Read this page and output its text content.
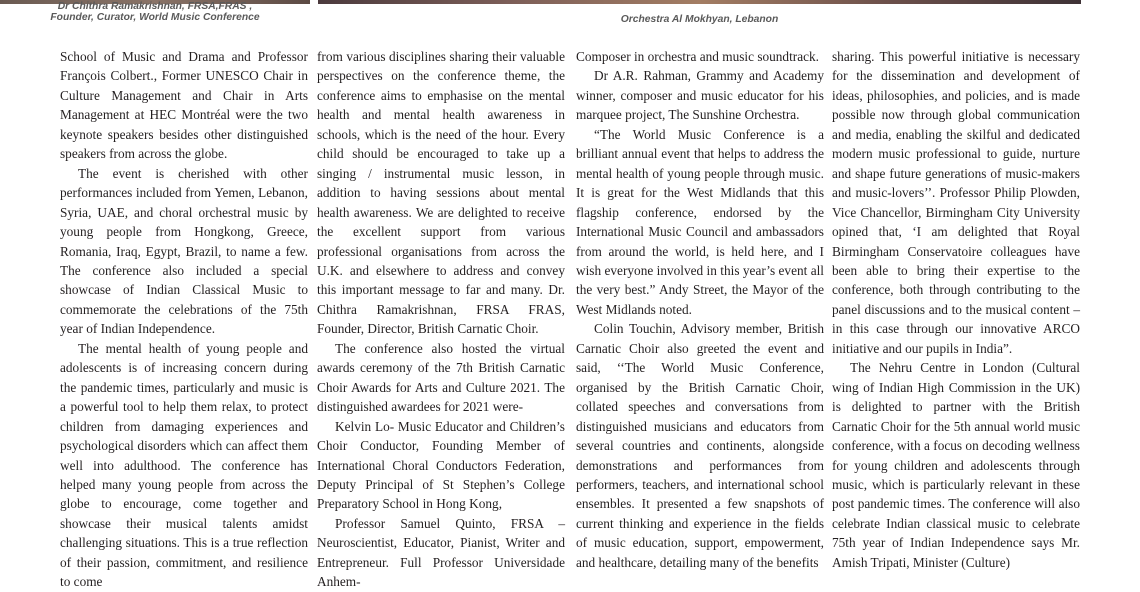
Dr Chithra Ramakrishnan, FRSA,FRAS ,
Founder, Curator, World Music Conference	Orchestra Al Mokhyan, Lebanon

School of Music and Drama and Professor François Colbert., Former UNESCO Chair in Culture Management and Chair in Arts Management at HEC Montréal were the two keynote speakers besides other distinguished speakers from across the globe.

The event is cherished with other performances included from Yemen, Lebanon, Syria, UAE, and choral orchestral music by young people from Hongkong, Greece, Romania, Iraq, Egypt, Brazil, to name a few. The conference also included a special showcase of Indian Classical Music to commemorate the celebrations of the 75th year of Indian Independence.

The mental health of young people and adolescents is of increasing concern during the pandemic times, particularly and music is a powerful tool to help them relax, to protect children from damaging experiences and psychological disorders which can affect them well into adulthood. The conference has helped many young people from across the globe to encourage, come together and showcase their musical talents amidst challenging situations. This is a true reflection of their passion, commitment, and resilience to come

from various disciplines sharing their valuable perspectives on the conference theme, the conference aims to emphasise on the mental health and mental health awareness in schools, which is the need of the hour. Every child should be encouraged to take up a singing / instrumental music lesson, in addition to having sessions about mental health awareness. We are delighted to receive the excellent support from various professional organisations from across the U.K. and elsewhere to address and convey this important message to far and many. Dr. Chithra Ramakrishnan, FRSA FRAS, Founder, Director, British Carnatic Choir.

The conference also hosted the virtual awards ceremony of the 7th British Carnatic Choir Awards for Arts and Culture 2021. The distinguished awardees for 2021 were-

Kelvin Lo- Music Educator and Children’s Choir Conductor, Founding Member of International Choral Conductors Federation, Deputy Principal of St Stephen’s College Preparatory School in Hong Kong,

Professor Samuel Quinto, FRSA – Neuroscientist, Educator, Pianist, Writer and Entrepreneur. Full Professor Universidade Anhem-

Composer in orchestra and music soundtrack.

Dr A.R. Rahman, Grammy and Academy winner, composer and music educator for his marquee project, The Sunshine Orchestra.

“The World Music Conference is a brilliant annual event that helps to address the mental health of young people through music. It is great for the West Midlands that this flagship conference, endorsed by the International Music Council and ambassadors from around the world, is held here, and I wish everyone involved in this year’s event all the very best.” Andy Street, the Mayor of the West Midlands noted.

Colin Touchin, Advisory member, British Carnatic Choir also greeted the event and said, ‘‘The World Music Conference, organised by the British Carnatic Choir, collated speeches and conversations from distinguished musicians and educators from several countries and continents, alongside demonstrations and performances from performers, teachers, and international school ensembles. It presented a few snapshots of current thinking and experience in the fields of music education, support, empowerment, and healthcare, detailing many of the benefits

sharing. This powerful initiative is necessary for the dissemination and development of ideas, philosophies, and policies, and is made possible now through global communication and media, enabling the skilful and dedicated modern music professional to guide, nurture and shape future generations of music-makers and music-lovers’’. Professor Philip Plowden, Vice Chancellor, Birmingham City University opined that, ‘I am delighted that Royal Birmingham Conservatoire colleagues have been able to bring their expertise to the conference, both through contributing to the panel discussions and to the musical content – in this case through our innovative ARCO initiative and our pupils in India”.

The Nehru Centre in London (Cultural wing of Indian High Commission in the UK) is delighted to partner with the British Carnatic Choir for the 5th annual world music conference, with a focus on decoding wellness for young children and adolescents through music, which is particularly relevant in these post pandemic times. The conference will also celebrate Indian classical music to celebrate 75th year of Indian Independence says Mr. Amish Tripati, Minister (Culture)
